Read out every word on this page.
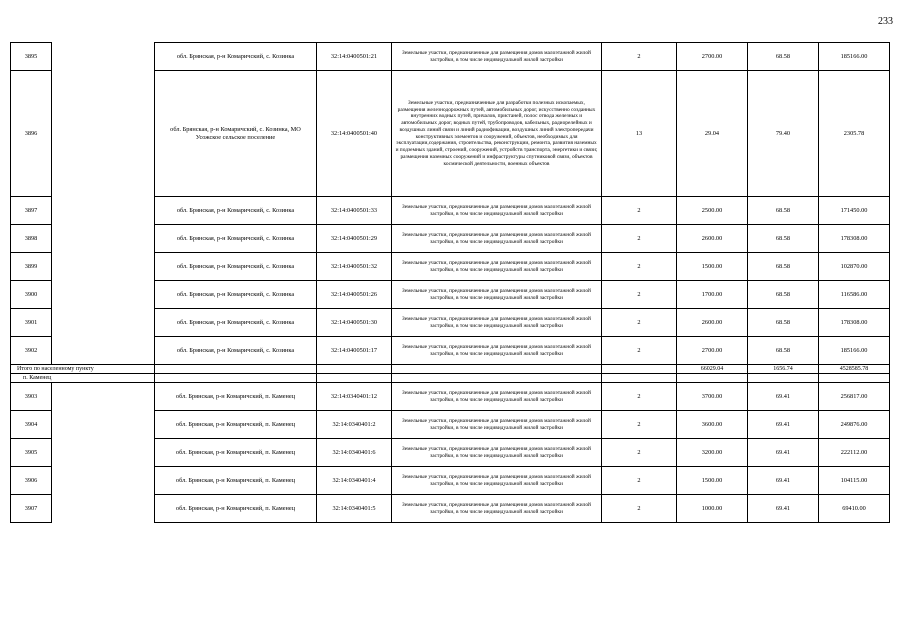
233
3895		обл. Брянская, р-н Комаричский, с. Козинка	32:14:0400501:21	Земельные участки, предназначенные для размещения домов малоэтажной жилой застройки, в том числе индивидуальной жилой застройки	2	2700.00	68.58	185166.00
3896		обл. Брянская, р-н Комаричский, с. Козинка, МО Усожское сельское поселение	32:14:0400501:40	Земельные участки, предназначенные для разработки полезных ископаемых, размещения железнодорожных путей, автомобильных дорог, искусственно созданных внутренних водных путей, причалов, пристаней, полос отвода железных и автомобильных дорог, водных путей, трубопроводов, кабельных, радиорелейных и воздушных линий связи и линий радиофикации, воздушных линий электропередачи конструктивных элементов и сооружений, объектов, необходимых для эксплуатации,содержания, строительства, реконструкции, ремонта, развития наземных и подземных зданий, строений, сооружений, устройств транспорта, энергетики и связи; размещения наземных сооружений и инфраструктуры спутниковой связи, объектов космической деятельности, военных объектов	13	29.04	79.40	2305.78
3897		обл. Брянская, р-н Комаричский, с. Козинка	32:14:0400501:33	Земельные участки, предназначенные для размещения домов малоэтажной жилой застройки, в том числе индивидуальной жилой застройки	2	2500.00	68.58	171450.00
3898		обл. Брянская, р-н Комаричский, с. Козинка	32:14:0400501:29	Земельные участки, предназначенные для размещения домов малоэтажной жилой застройки, в том числе индивидуальной жилой застройки	2	2600.00	68.58	178308.00
3899		обл. Брянская, р-н Комаричский, с. Козинка	32:14:0400501:32	Земельные участки, предназначенные для размещения домов малоэтажной жилой застройки, в том числе индивидуальной жилой застройки	2	1500.00	68.58	102870.00
3900		обл. Брянская, р-н Комаричский, с. Козинка	32:14:0400501:26	Земельные участки, предназначенные для размещения домов малоэтажной жилой застройки, в том числе индивидуальной жилой застройки	2	1700.00	68.58	116586.00
3901		обл. Брянская, р-н Комаричский, с. Козинка	32:14:0400501:30	Земельные участки, предназначенные для размещения домов малоэтажной жилой застройки, в том числе индивидуальной жилой застройки	2	2600.00	68.58	178308.00
3902		обл. Брянская, р-н Комаричский, с. Козинка	32:14:0400501:17	Земельные участки, предназначенные для размещения домов малоэтажной жилой застройки, в том числе индивидуальной жилой застройки	2	2700.00	68.58	185166.00
Итого по населенному пункту						66029.04	1656.74	4528585.78
п. Каменец								
3903		обл. Брянская, р-н Комаричский, п. Каменец	32:14:0340401:12	Земельные участки, предназначенные для размещения домов малоэтажной жилой застройки, в том числе индивидуальной жилой застройки	2	3700.00	69.41	256817.00
3904		обл. Брянская, р-н Комаричский, п. Каменец	32:14:0340401:2	Земельные участки, предназначенные для размещения домов малоэтажной жилой застройки, в том числе индивидуальной жилой застройки	2	3600.00	69.41	249876.00
3905		обл. Брянская, р-н Комаричский, п. Каменец	32:14:0340401:6	Земельные участки, предназначенные для размещения домов малоэтажной жилой застройки, в том числе индивидуальной жилой застройки	2	3200.00	69.41	222112.00
3906		обл. Брянская, р-н Комаричский, п. Каменец	32:14:0340401:4	Земельные участки, предназначенные для размещения домов малоэтажной жилой застройки, в том числе индивидуальной жилой застройки	2	1500.00	69.41	104115.00
3907		обл. Брянская, р-н Комаричский, п. Каменец	32:14:0340401:5	Земельные участки, предназначенные для размещения домов малоэтажной жилой застройки, в том числе индивидуальной жилой застройки	2	1000.00	69.41	69410.00
